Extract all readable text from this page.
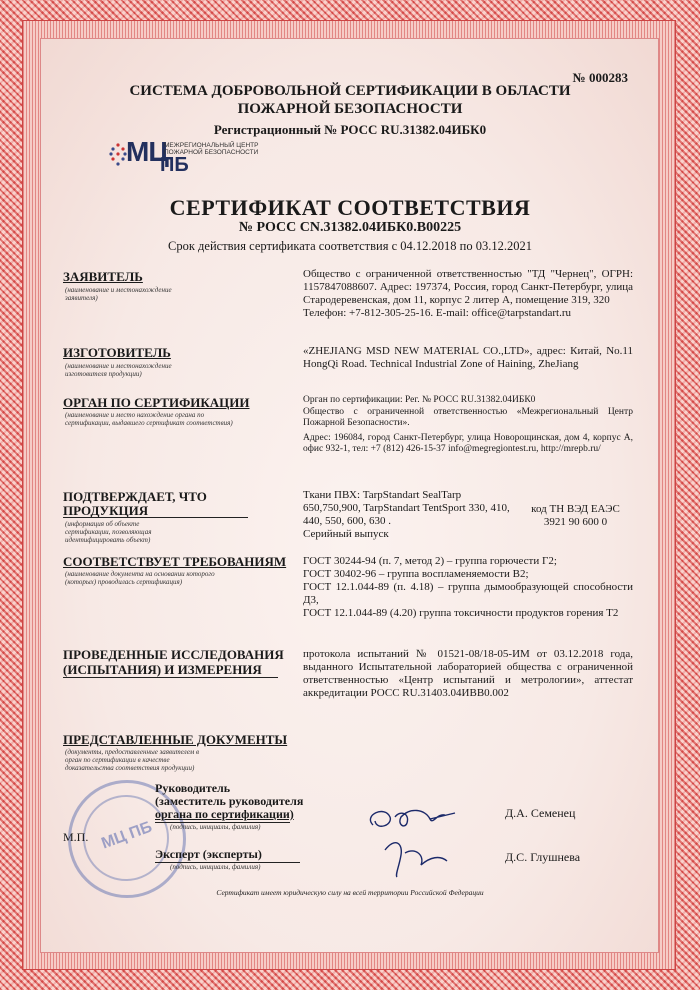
№ 000283
СИСТЕМА ДОБРОВОЛЬНОЙ СЕРТИФИКАЦИИ В ОБЛАСТИ ПОЖАРНОЙ БЕЗОПАСНОСТИ
Регистрационный № РОСС RU.31382.04ИБК0
МЦ
МЕЖРЕГИОНАЛЬНЫЙ ЦЕНТР
ПОЖАРНОЙ БЕЗОПАСНОСТИ
ПБ
СЕРТИФИКАТ СООТВЕТСТВИЯ
№ РОСС CN.31382.04ИБК0.B00225
Срок действия сертификата соответствия с 04.12.2018 по 03.12.2021
ЗАЯВИТЕЛЬ
(наименование и местонахождение заявителя)
Общество с ограниченной ответственностью "ТД "Чернец", ОГРН: 1157847088607. Адрес: 197374, Россия, город Санкт-Петербург, улица Стародеревенская, дом 11, корпус 2 литер А, помещение 319, 320
Телефон: +7-812-305-25-16. E-mail: office@tarpstandart.ru
ИЗГОТОВИТЕЛЬ
(наименование и местонахождение изготовителя продукции)
«ZHEJIANG MSD NEW MATERIAL CO.,LTD», адрес: Китай, No.11 HongQi Road. Technical Industrial Zone of Haining, ZheJiang
ОРГАН ПО СЕРТИФИКАЦИИ
(наименование и место нахождение органа по сертификации, выдавшего сертификат соответствия)
Орган по сертификации: Рег. № РОСС RU.31382.04ИБК0
Общество с ограниченной ответственностью «Межрегиональный Центр Пожарной Безопасности».
Адрес: 196084, город Санкт-Петербург, улица Новорощинская, дом 4, корпус А, офис 932-1, тел: +7 (812) 426-15-37 info@megregiontest.ru, http://mrepb.ru/
ПОДТВЕРЖДАЕТ, ЧТО
ПРОДУКЦИЯ
(информация об объекте сертификации, позволяющая идентифицировать объект)
Ткани ПВХ: TarpStandart SealTarp 650,750,900, TarpStandart TentSport 330, 410, 440, 550, 600, 630 .
Серийный выпуск
код ТН ВЭД ЕАЭС
3921 90 600 0
СООТВЕТСТВУЕТ ТРЕБОВАНИЯМ
(наименование документа на основании которого (которых) проводилась сертификация)
ГОСТ 30244-94 (п. 7, метод 2) – группа горючести Г2;
ГОСТ 30402-96 – группа воспламеняемости В2;
ГОСТ 12.1.044-89 (п. 4.18) – группа дымообразующей способности Д3,
ГОСТ 12.1.044-89 (4.20) группа токсичности продуктов горения Т2
ПРОВЕДЕННЫЕ ИССЛЕДОВАНИЯ
(ИСПЫТАНИЯ) И ИЗМЕРЕНИЯ
протокола испытаний № 01521-08/18-05-ИМ от 03.12.2018 года, выданного Испытательной лабораторией общества с ограниченной ответственностью «Центр испытаний и метрологии», аттестат аккредитации РОСС RU.31403.04ИВВ0.002
ПРЕДСТАВЛЕННЫЕ ДОКУМЕНТЫ
(документы, предоставленные заявителем в орган по сертификации в качестве доказательства соответствия продукции)
МЦ ПБ
Руководитель
(заместитель руководителя
органа по сертификации)
(подпись, инициалы, фамилия)
М.П.
Д.А. Семенец
Эксперт (эксперты)
(подпись, инициалы, фамилия)
Д.С. Глушнева
Сертификат имеет юридическую силу на всей территории Российской Федерации
